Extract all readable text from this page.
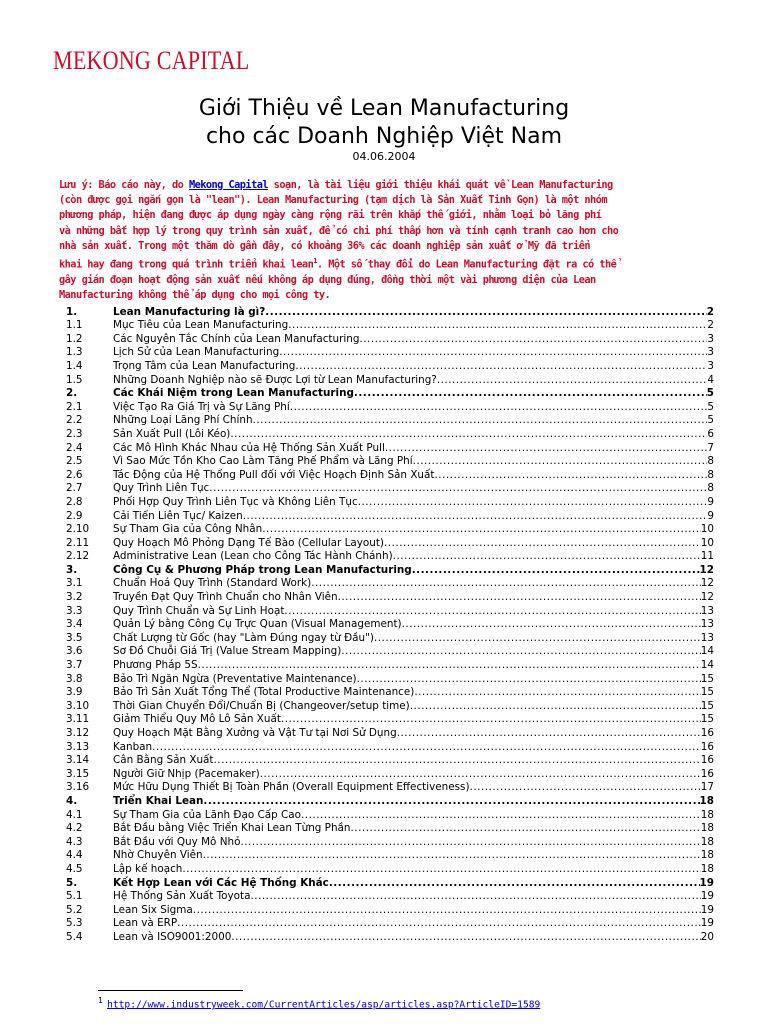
MEKONG CAPITAL
Giới Thiệu về Lean Manufacturing
cho các Doanh Nghiệp Việt Nam
04.06.2004
Lưu ý: Báo cáo này, do Mekong Capital soạn, là tài liệu giới thiệu khái quát về Lean Manufacturing
(còn được gọi ngắn gọn là "lean"). Lean Manufacturing (tạm dịch là Sản Xuất Tinh Gọn) là một nhóm
phương pháp, hiện đang được áp dụng ngày càng rộng rãi trên khắp thế giới, nhằm loại bỏ lãng phí
và những bất hợp lý trong quy trình sản xuất, để có chi phí thấp hơn và tính cạnh tranh cao hơn cho
nhà sản xuất. Trong một thăm dò gần đây, có khoảng 36% các doanh nghiệp sản xuất ở Mỹ đã triển
khai hay đang trong quá trình triển khai lean$^1$. Một số thay đổi do Lean Manufacturing đặt ra có thể
gây gián đoạn hoạt động sản xuất nếu không áp dụng đúng, đồng thời một vài phương diện của Lean
Manufacturing không thể áp dụng cho mọi công ty.
1.	Lean Manufacturing là gì? .....	2
1.1	Mục Tiêu của Lean Manufacturing .....	2
1.2	Các Nguyên Tắc Chính của Lean Manufacturing .....	3
1.3	Lịch Sử của Lean Manufacturing .....	3
1.4	Trọng Tâm của Lean Manufacturing .....	3
1.5	Những Doanh Nghiệp nào sẽ Được Lợi từ Lean Manufacturing? .....	4
2.	Các Khái Niệm trong Lean Manufacturing .....	5
2.1	Việc Tạo Ra Giá Trị và Sự Lãng Phí .....	5
2.2	Những Loại Lãng Phí Chính .....	5
2.3	Sản Xuất Pull (Lôi Kéo) .....	6
2.4	Các Mô Hình Khác Nhau của Hệ Thống Sản Xuất Pull .....	7
2.5	Vì Sao Mức Tồn Kho Cao Làm Tăng Phế Phẩm và Lãng Phí .....	8
2.6	Tác Động của Hệ Thống Pull đối với Việc Hoạch Định Sản Xuất .....	8
2.7	Quy Trình Liên Tục .....	8
2.8	Phối Hợp Quy Trình Liên Tục và Không Liên Tục .....	9
2.9	Cải Tiến Liên Tục/ Kaizen .....	9
2.10	Sự Tham Gia của Công Nhân .....	10
2.11	Quy Hoạch Mô Phỏng Dạng Tế Bào (Cellular Layout) .....	10
2.12	Administrative Lean (Lean cho Công Tác Hành Chánh) .....	11
3.	Công Cụ & Phương Pháp trong Lean Manufacturing .....	12
3.1	Chuẩn Hoá Quy Trình (Standard Work) .....	12
3.2	Truyền Đạt Quy Trình Chuẩn cho Nhân Viên .....	12
3.3	Quy Trình Chuẩn và Sự Linh Hoạt .....	13
3.4	Quản Lý bằng Công Cụ Trực Quan (Visual Management) .....	13
3.5	Chất Lượng từ Gốc (hay "Làm Đúng ngay từ Đầu") .....	13
3.6	Sơ Đồ Chuỗi Giá Trị (Value Stream Mapping) .....	14
3.7	Phương Pháp 5S .....	14
3.8	Bảo Trì Ngăn Ngừa (Preventative Maintenance) .....	15
3.9	Bảo Trì Sản Xuất Tổng Thể (Total Productive Maintenance) .....	15
3.10	Thời Gian Chuyển Đổi/Chuẩn Bị (Changeover/setup time) .....	15
3.11	Giảm Thiểu Quy Mô Lô Sản Xuất .....	15
3.12	Quy Hoạch Mặt Bằng Xưởng và Vật Tư tại Nơi Sử Dụng .....	16
3.13	Kanban .....	16
3.14	Cân Bằng Sản Xuất .....	16
3.15	Người Giữ Nhịp (Pacemaker) .....	16
3.16	Mức Hữu Dụng Thiết Bị Toàn Phần (Overall Equipment Effectiveness) .....	17
4.	Triển Khai Lean .....	18
4.1	Sự Tham Gia của Lãnh Đạo Cấp Cao .....	18
4.2	Bắt Đầu bằng Việc Triển Khai Lean Từng Phần .....	18
4.3	Bắt Đầu với Quy Mô Nhỏ .....	18
4.4	Nhờ Chuyên Viên .....	18
4.5	Lập kế hoạch .....	18
5.	Kết Hợp Lean với Các Hệ Thống Khác .....	19
5.1	Hệ Thống Sản Xuất Toyota .....	19
5.2	Lean Six Sigma .....	19
5.3	Lean và ERP .....	19
5.4	Lean và ISO9001:2000 .....	20
$^1$ http://www.industryweek.com/CurrentArticles/asp/articles.asp?ArticleID=1589
